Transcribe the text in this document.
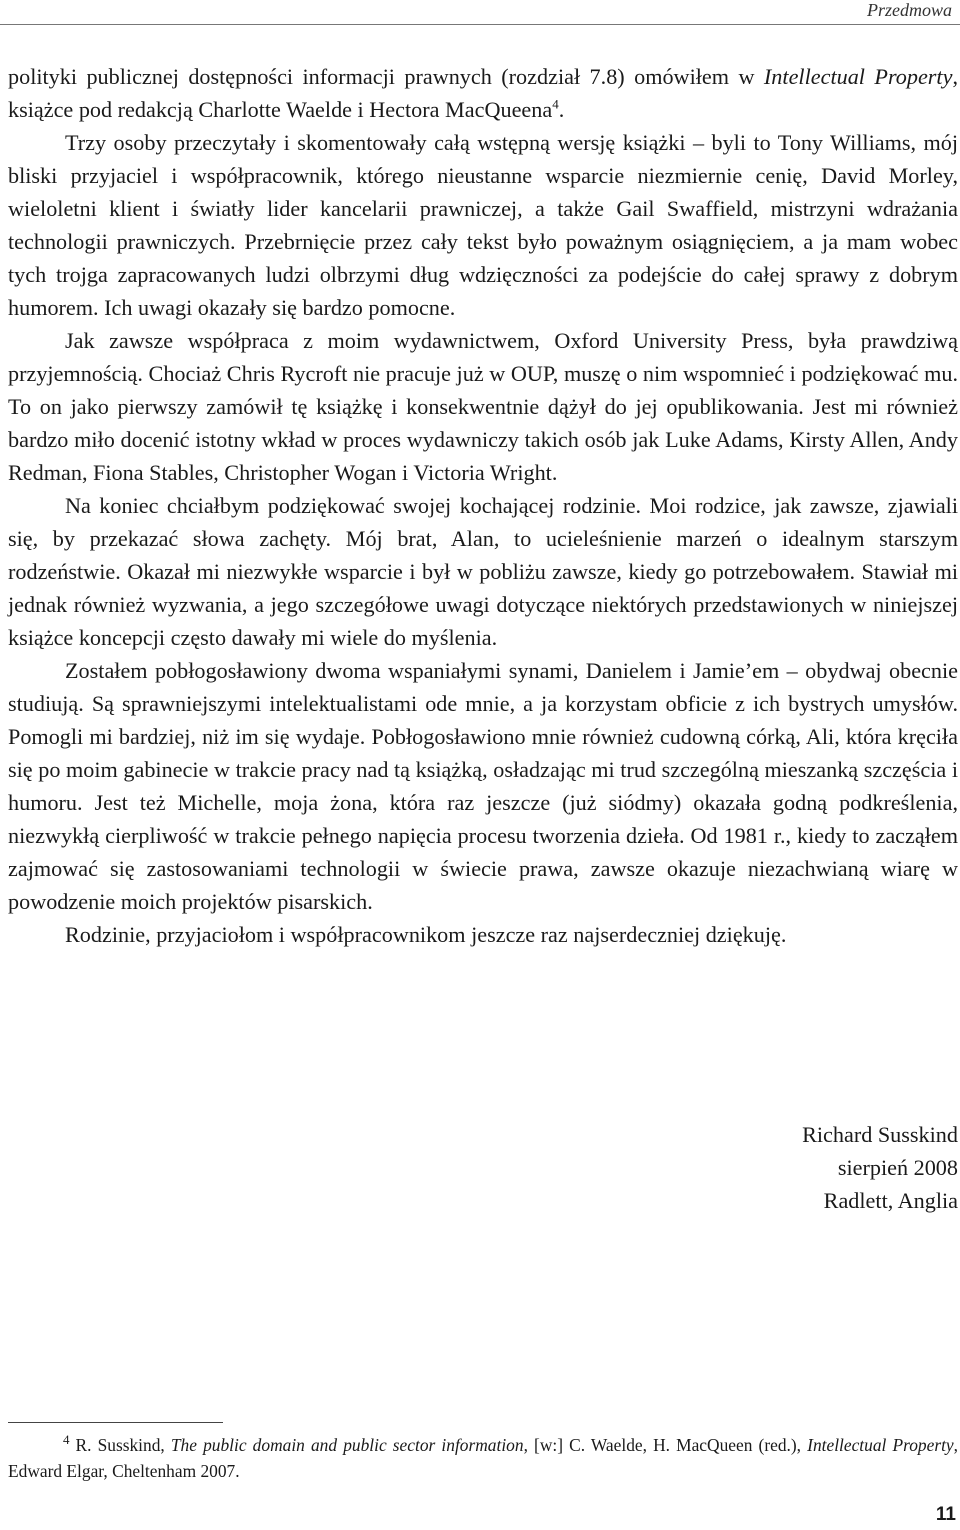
Przedmowa

polityki publicznej dostępności informacji prawnych (rozdział 7.8) omówiłem w Intellectual Property, książce pod redakcją Charlotte Waelde i Hectora MacQueena$^4$.

Trzy osoby przeczytały i skomentowały całą wstępną wersję książki – byli to Tony Williams, mój bliski przyjaciel i współpracownik, którego nieustanne wsparcie niezmiernie cenię, David Morley, wieloletni klient i światły lider kancelarii prawniczej, a także Gail Swaffield, mistrzyni wdrażania technologii prawniczych. Przebrnięcie przez cały tekst było poważnym osiągnięciem, a ja mam wobec tych trojga zapracowanych ludzi olbrzymi dług wdzięczności za podejście do całej sprawy z dobrym humorem. Ich uwagi okazały się bardzo pomocne.

Jak zawsze współpraca z moim wydawnictwem, Oxford University Press, była prawdziwą przyjemnością. Chociaż Chris Rycroft nie pracuje już w OUP, muszę o nim wspomnieć i podziękować mu. To on jako pierwszy zamówił tę książkę i konsekwentnie dążył do jej opublikowania. Jest mi również bardzo miło docenić istotny wkład w proces wydawniczy takich osób jak Luke Adams, Kirsty Allen, Andy Redman, Fiona Stables, Christopher Wogan i Victoria Wright.

Na koniec chciałbym podziękować swojej kochającej rodzinie. Moi rodzice, jak zawsze, zjawiali się, by przekazać słowa zachęty. Mój brat, Alan, to ucieleśnienie marzeń o idealnym starszym rodzeństwie. Okazał mi niezwykłe wsparcie i był w pobliżu zawsze, kiedy go potrzebowałem. Stawiał mi jednak również wyzwania, a jego szczegółowe uwagi dotyczące niektórych przedstawionych w niniejszej książce koncepcji często dawały mi wiele do myślenia.

Zostałem pobłogosławiony dwoma wspaniałymi synami, Danielem i Jamie’em – obydwaj obecnie studiują. Są sprawniejszymi intelektualistami ode mnie, a ja korzystam obficie z ich bystrych umysłów. Pomogli mi bardziej, niż im się wydaje. Pobłogosławiono mnie również cudowną córką, Ali, która kręciła się po moim gabinecie w trakcie pracy nad tą książką, osładzając mi trud szczególną mieszanką szczęścia i humoru. Jest też Michelle, moja żona, która raz jeszcze (już siódmy) okazała godną podkreślenia, niezwykłą cierpliwość w trakcie pełnego napięcia procesu tworzenia dzieła. Od 1981 r., kiedy to zacząłem zajmować się zastosowaniami technologii w świecie prawa, zawsze okazuje niezachwianą wiarę w powodzenie moich projektów pisarskich.

Rodzinie, przyjaciołom i współpracownikom jeszcze raz najserdeczniej dziękuję.

Richard Susskind
sierpień 2008
Radlett, Anglia
$^4$ R. Susskind, The public domain and public sector information, [w:] C. Waelde, H. MacQueen (red.), Intellectual Property, Edward Elgar, Cheltenham 2007.
11
